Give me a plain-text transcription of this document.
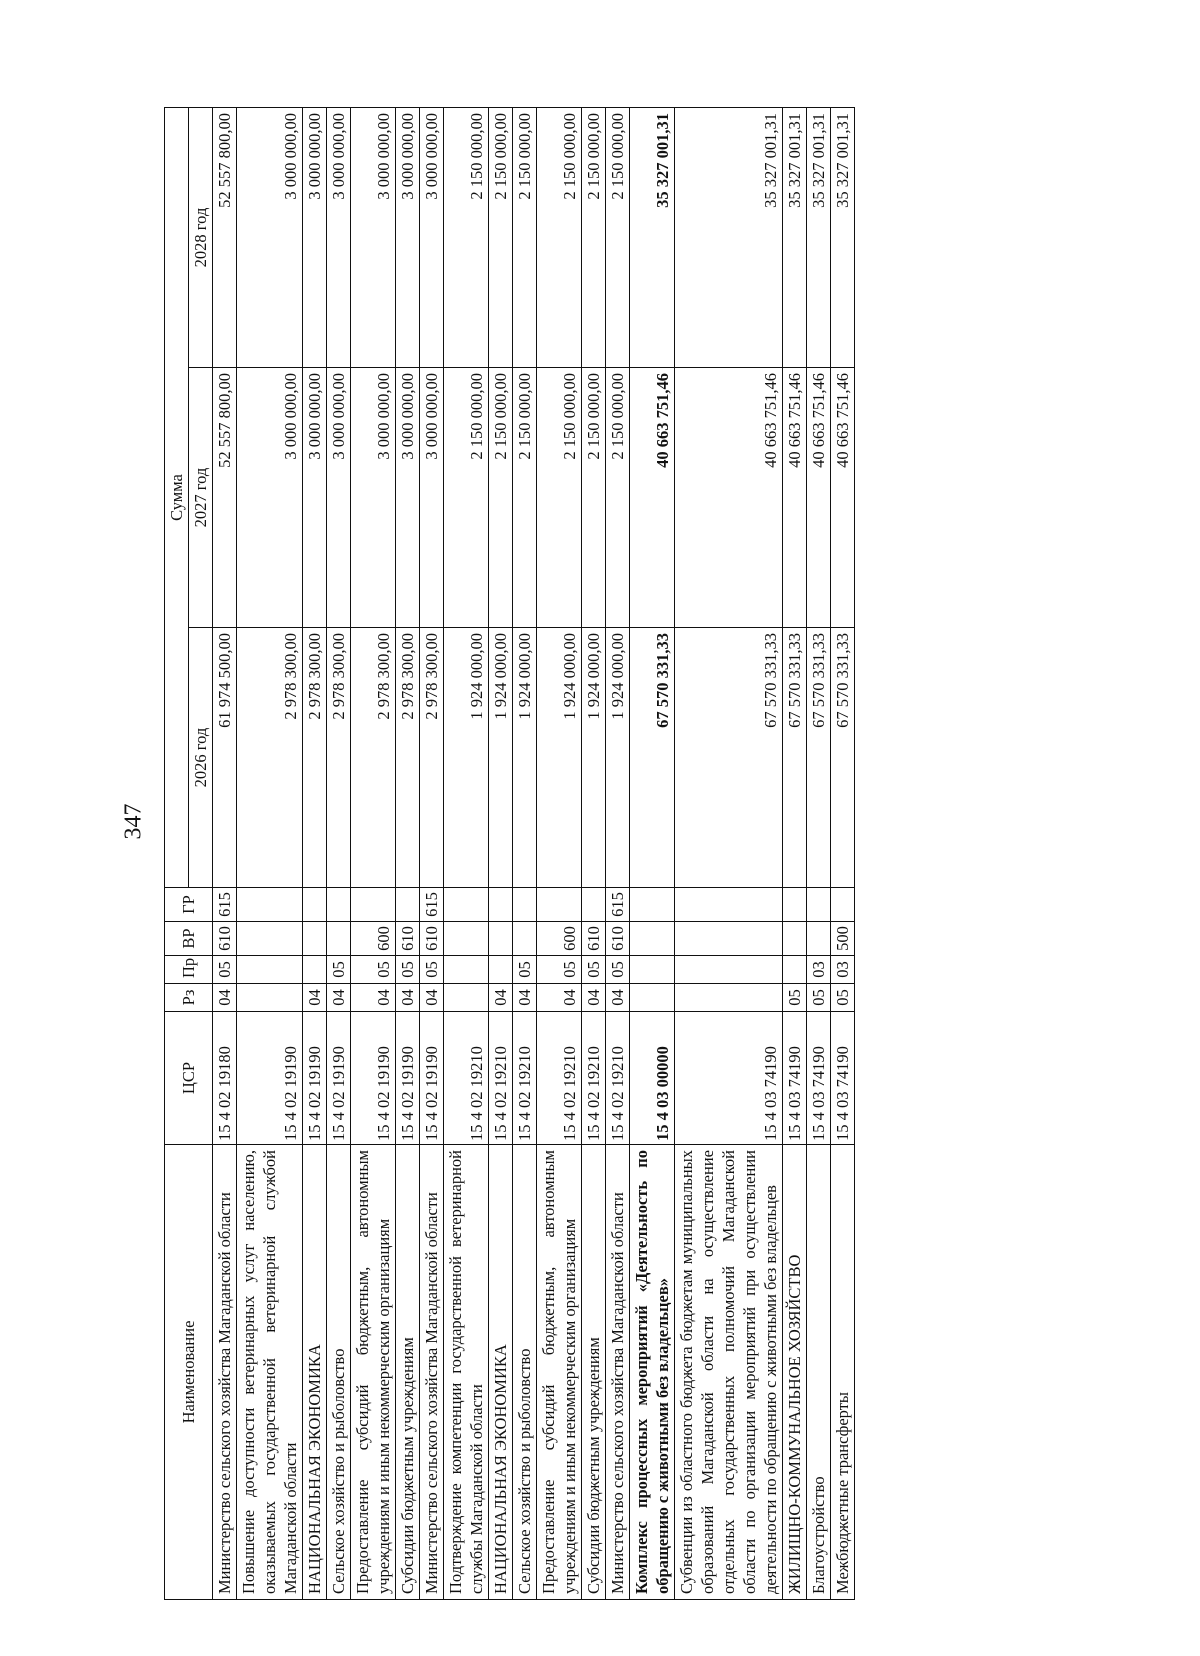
347
Наименование	ЦСР	Рз	Пр	ВР	ГР	Сумма		
						2026 год	2027 год	2028 год
Министерство сельского хозяйства Магаданской области	15 4 02 19180	04	05	610	615	61 974 500,00	52 557 800,00	52 557 800,00
Повышение доступности ветеринарных услуг населению, оказываемых государственной ветеринарной службой Магаданской области	15 4 02 19190					2 978 300,00	3 000 000,00	3 000 000,00
НАЦИОНАЛЬНАЯ ЭКОНОМИКА	15 4 02 19190	04				2 978 300,00	3 000 000,00	3 000 000,00
Сельское хозяйство и рыболовство	15 4 02 19190	04	05			2 978 300,00	3 000 000,00	3 000 000,00
Предоставление субсидий бюджетным, автономным учреждениям и иным некоммерческим организациям	15 4 02 19190	04	05	600		2 978 300,00	3 000 000,00	3 000 000,00
Субсидии бюджетным учреждениям	15 4 02 19190	04	05	610		2 978 300,00	3 000 000,00	3 000 000,00
Министерство сельского хозяйства Магаданской области	15 4 02 19190	04	05	610	615	2 978 300,00	3 000 000,00	3 000 000,00
Подтверждение компетенции государственной ветеринарной службы Магаданской области	15 4 02 19210					1 924 000,00	2 150 000,00	2 150 000,00
НАЦИОНАЛЬНАЯ ЭКОНОМИКА	15 4 02 19210	04				1 924 000,00	2 150 000,00	2 150 000,00
Сельское хозяйство и рыболовство	15 4 02 19210	04	05			1 924 000,00	2 150 000,00	2 150 000,00
Предоставление субсидий бюджетным, автономным учреждениям и иным некоммерческим организациям	15 4 02 19210	04	05	600		1 924 000,00	2 150 000,00	2 150 000,00
Субсидии бюджетным учреждениям	15 4 02 19210	04	05	610		1 924 000,00	2 150 000,00	2 150 000,00
Министерство сельского хозяйства Магаданской области	15 4 02 19210	04	05	610	615	1 924 000,00	2 150 000,00	2 150 000,00
Комплекс процессных мероприятий «Деятельность по обращению с животными без владельцев»	15 4 03 00000					67 570 331,33	40 663 751,46	35 327 001,31
Субвенции из областного бюджета бюджетам муниципальных образований Магаданской области на осуществление отдельных государственных полномочий Магаданской области по организации мероприятий при осуществлении деятельности по обращению с животными без владельцев	15 4 03 74190					67 570 331,33	40 663 751,46	35 327 001,31
ЖИЛИЩНО-КОММУНАЛЬНОЕ ХОЗЯЙСТВО	15 4 03 74190	05				67 570 331,33	40 663 751,46	35 327 001,31
Благоустройство	15 4 03 74190	05	03			67 570 331,33	40 663 751,46	35 327 001,31
Межбюджетные трансферты	15 4 03 74190	05	03	500		67 570 331,33	40 663 751,46	35 327 001,31
